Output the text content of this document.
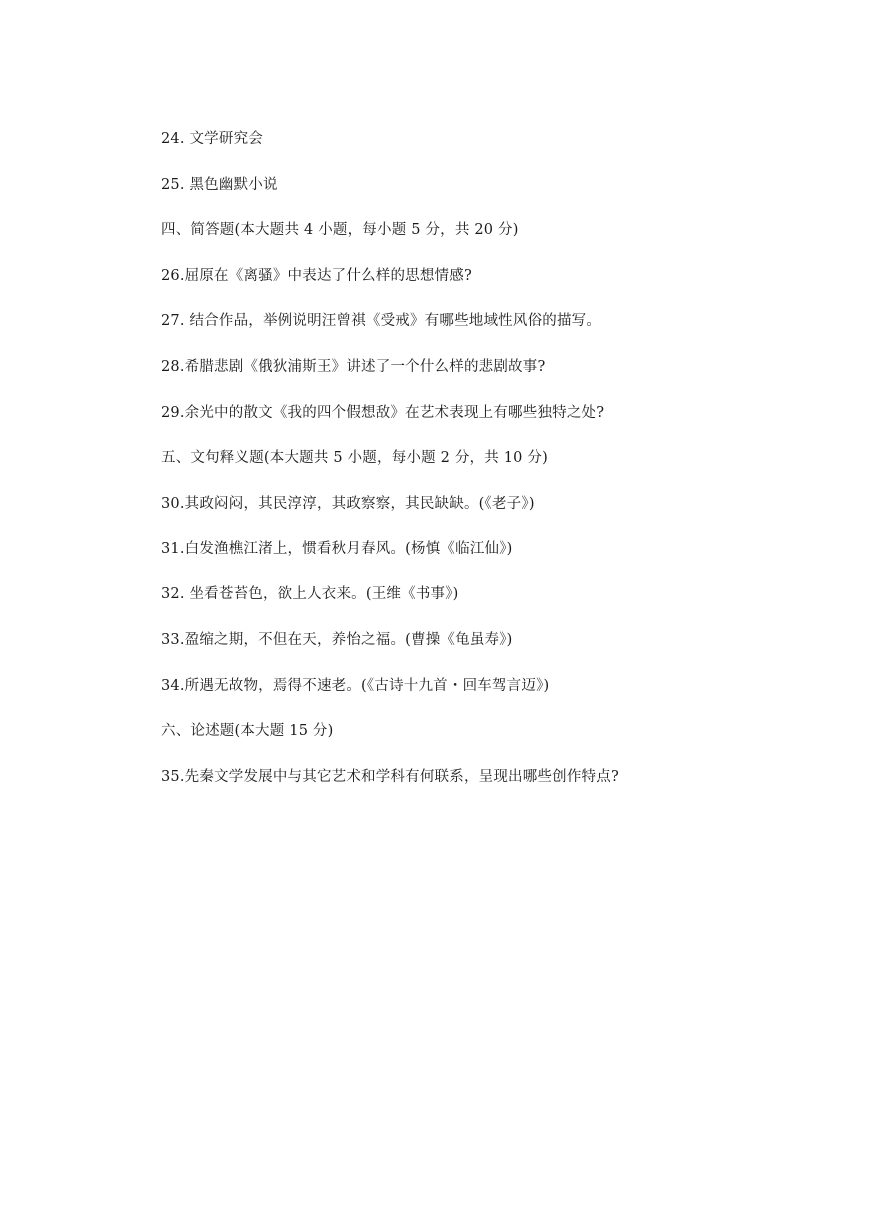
24. 文学研究会
25. 黑色幽默小说
四、简答题(本大题共 4 小题，每小题 5 分，共 20 分)
26.屈原在《离骚》中表达了什么样的思想情感?
27. 结合作品，举例说明汪曾祺《受戒》有哪些地域性风俗的描写。
28.希腊悲剧《俄狄浦斯王》讲述了一个什么样的悲剧故事?
29.余光中的散文《我的四个假想敌》在艺术表现上有哪些独特之处?
五、文句释义题(本大题共 5 小题，每小题 2 分，共 10 分)
30.其政闷闷，其民淳淳，其政察察，其民缺缺。(《老子》)
31.白发渔樵江渚上，惯看秋月春风。(杨慎《临江仙》)
32. 坐看苍苔色，欲上人衣来。(王维《书事》)
33.盈缩之期，不但在天，养怡之福。(曹操《龟虽寿》)
34.所遇无故物，焉得不速老。(《古诗十九首・回车驾言迈》)
六、论述题(本大题 15 分)
35.先秦文学发展中与其它艺术和学科有何联系，呈现出哪些创作特点?
